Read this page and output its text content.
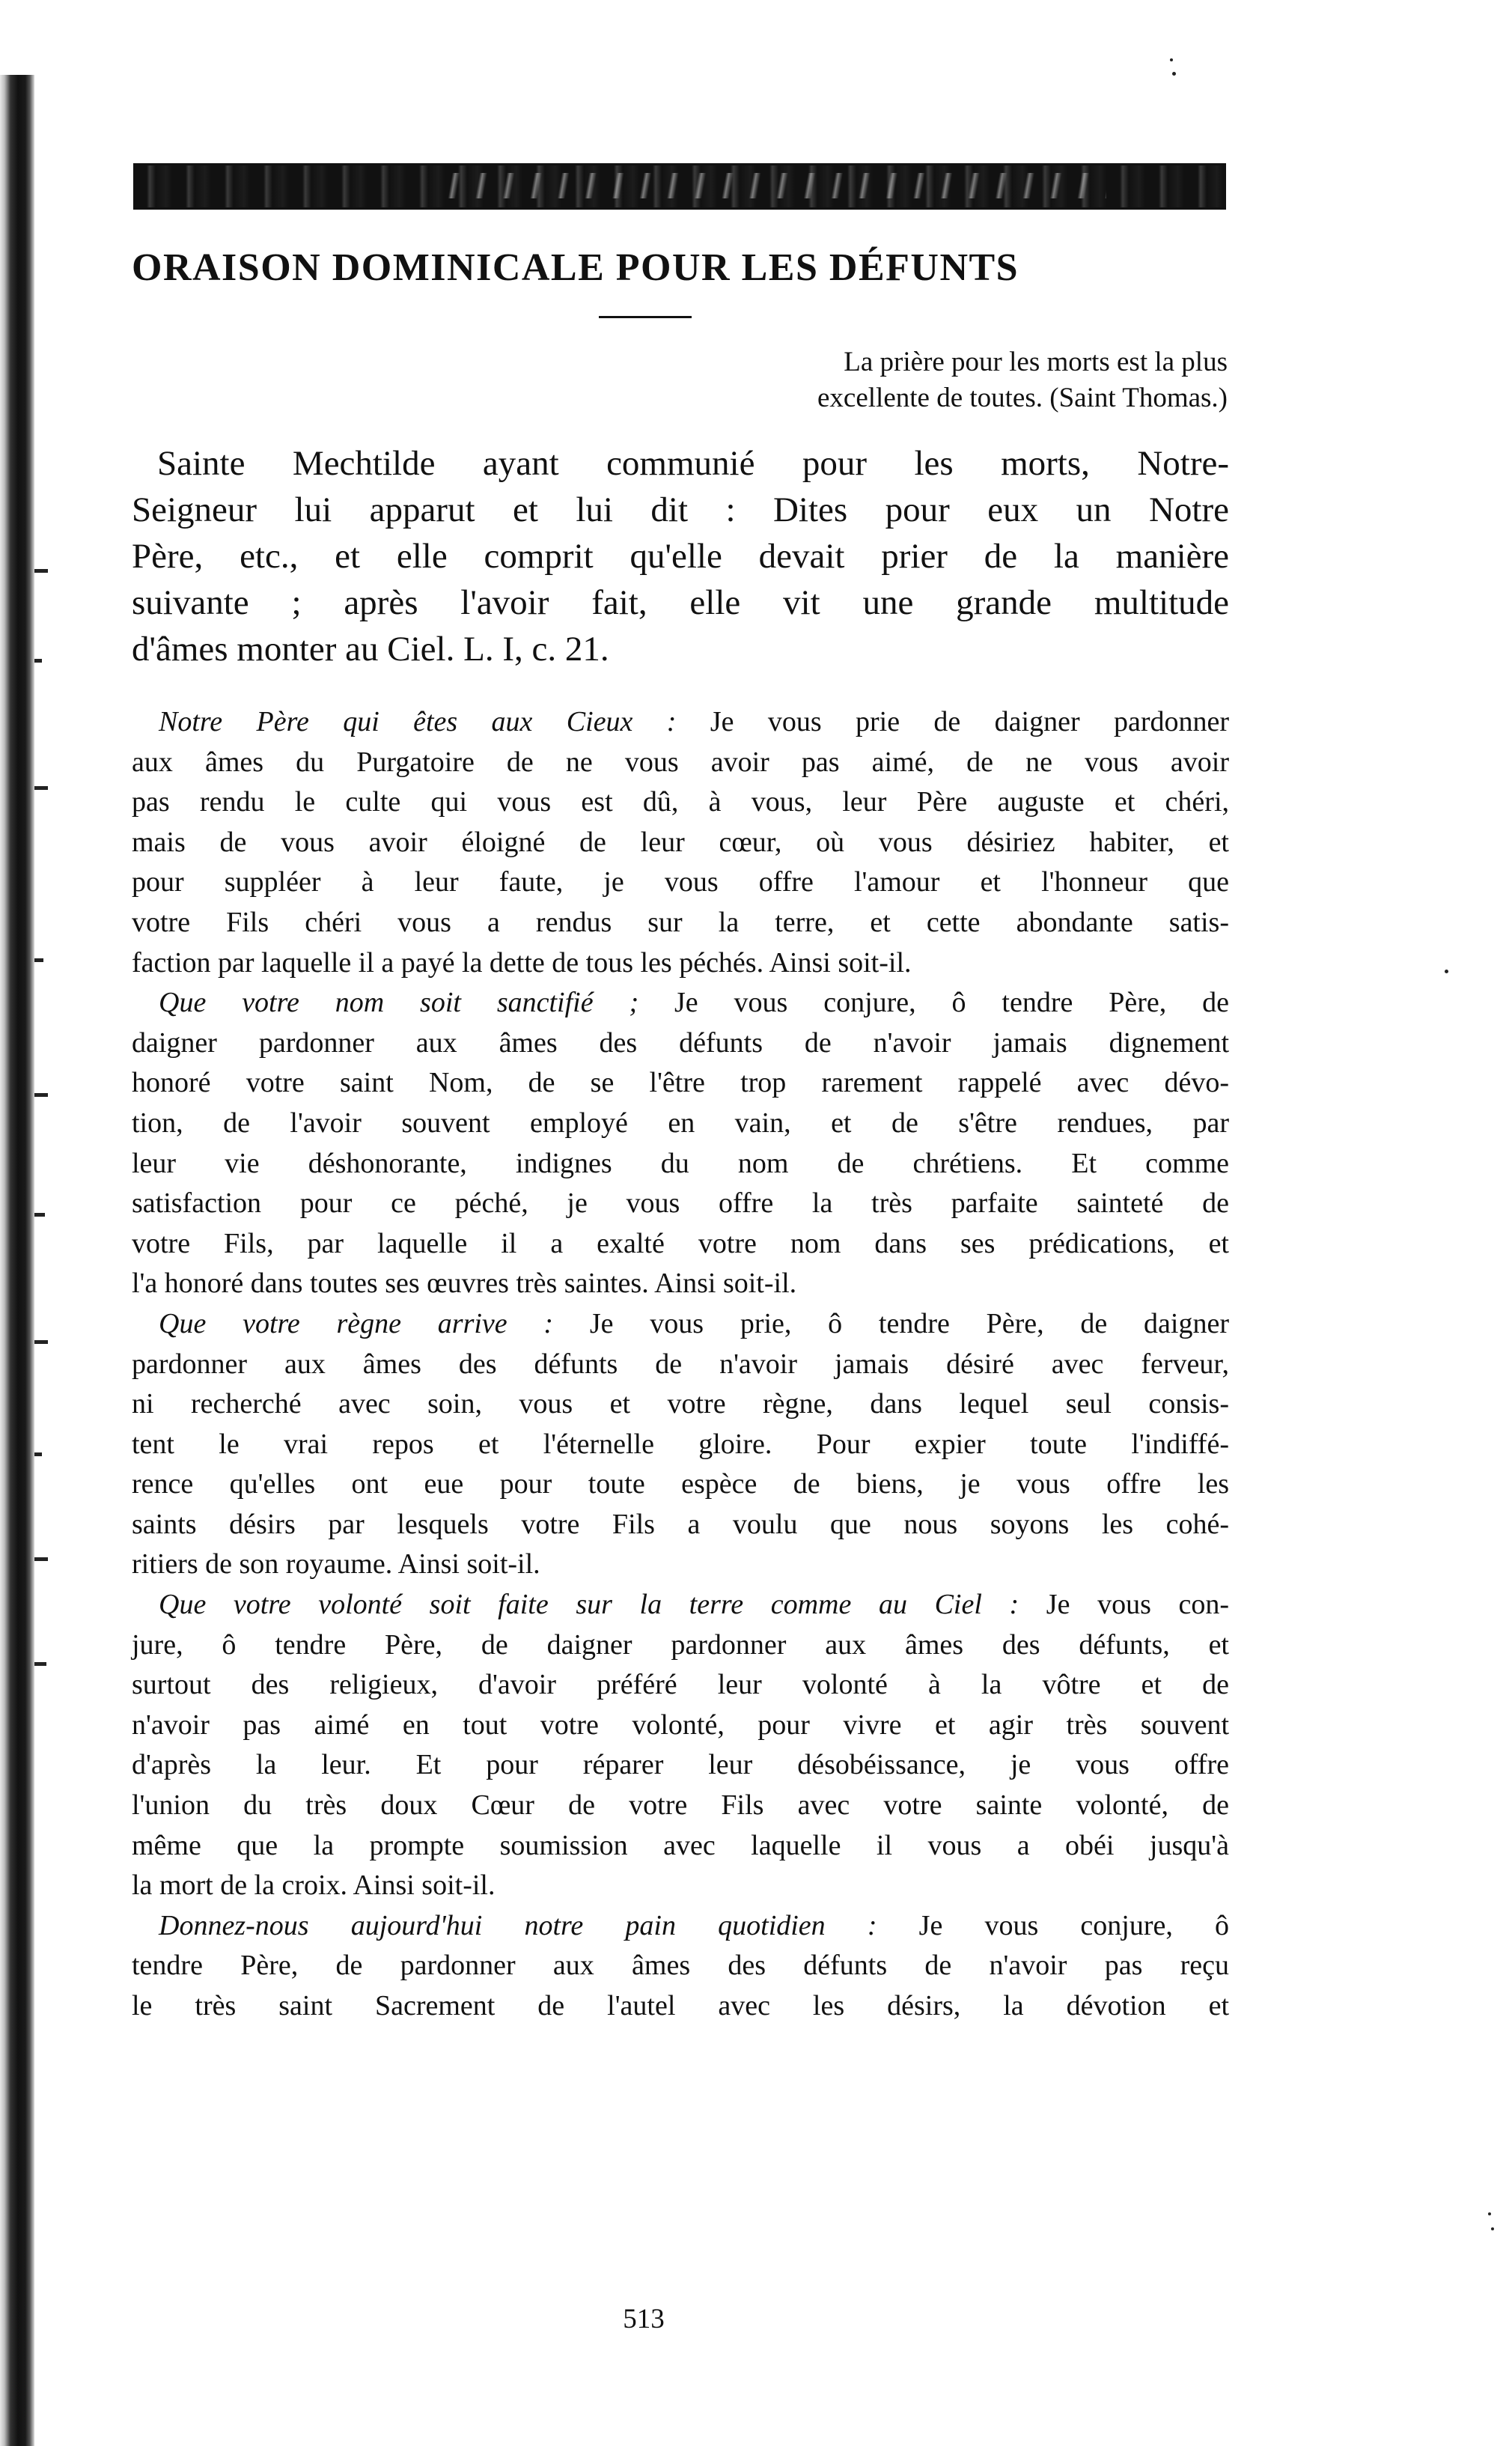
ORAISON DOMINICALE POUR LES DÉFUNTS
La prière pour les morts est la plus
excellente de toutes. (Saint Thomas.)
Sainte Mechtilde ayant communié pour les morts, Notre-
Seigneur lui apparut et lui dit : Dites pour eux un Notre
Père, etc., et elle comprit qu'elle devait prier de la manière
suivante ; après l'avoir fait, elle vit une grande multitude
d'âmes monter au Ciel. L. I, c. 21.
Notre Père qui êtes aux Cieux : Je vous prie de daigner pardonner
aux âmes du Purgatoire de ne vous avoir pas aimé, de ne vous avoir
pas rendu le culte qui vous est dû, à vous, leur Père auguste et chéri,
mais de vous avoir éloigné de leur cœur, où vous désiriez habiter, et
pour suppléer à leur faute, je vous offre l'amour et l'honneur que
votre Fils chéri vous a rendus sur la terre, et cette abondante satis-
faction par laquelle il a payé la dette de tous les péchés. Ainsi soit-il.
Que votre nom soit sanctifié ; Je vous conjure, ô tendre Père, de
daigner pardonner aux âmes des défunts de n'avoir jamais dignement
honoré votre saint Nom, de se l'être trop rarement rappelé avec dévo-
tion, de l'avoir souvent employé en vain, et de s'être rendues, par
leur vie déshonorante, indignes du nom de chrétiens. Et comme
satisfaction pour ce péché, je vous offre la très parfaite sainteté de
votre Fils, par laquelle il a exalté votre nom dans ses prédications, et
l'a honoré dans toutes ses œuvres très saintes. Ainsi soit-il.
Que votre règne arrive : Je vous prie, ô tendre Père, de daigner
pardonner aux âmes des défunts de n'avoir jamais désiré avec ferveur,
ni recherché avec soin, vous et votre règne, dans lequel seul consis-
tent le vrai repos et l'éternelle gloire. Pour expier toute l'indiffé-
rence qu'elles ont eue pour toute espèce de biens, je vous offre les
saints désirs par lesquels votre Fils a voulu que nous soyons les cohé-
ritiers de son royaume. Ainsi soit-il.
Que votre volonté soit faite sur la terre comme au Ciel : Je vous con-
jure, ô tendre Père, de daigner pardonner aux âmes des défunts, et
surtout des religieux, d'avoir préféré leur volonté à la vôtre et de
n'avoir pas aimé en tout votre volonté, pour vivre et agir très souvent
d'après la leur. Et pour réparer leur désobéissance, je vous offre
l'union du très doux Cœur de votre Fils avec votre sainte volonté, de
même que la prompte soumission avec laquelle il vous a obéi jusqu'à
la mort de la croix. Ainsi soit-il.
Donnez-nous aujourd'hui notre pain quotidien : Je vous conjure, ô
tendre Père, de pardonner aux âmes des défunts de n'avoir pas reçu
le très saint Sacrement de l'autel avec les désirs, la dévotion et
513
